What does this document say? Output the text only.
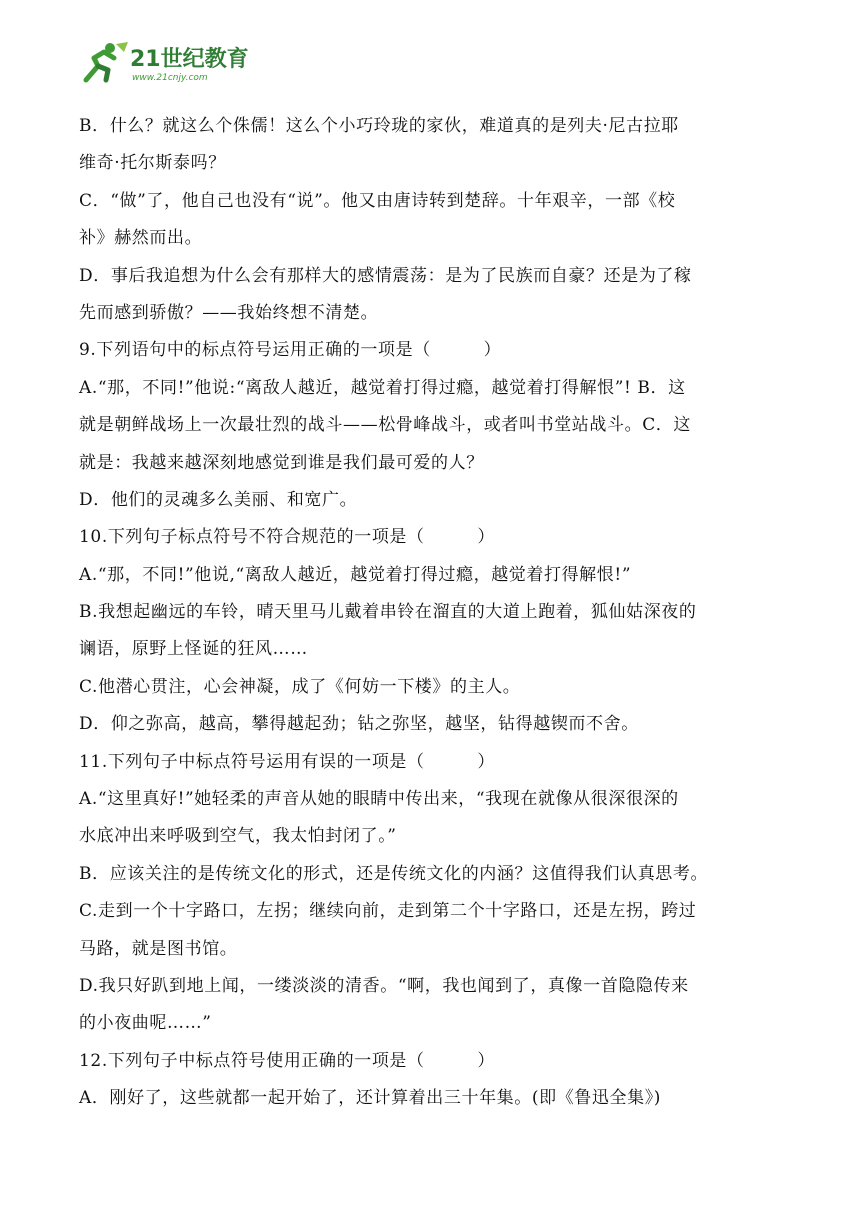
21世纪教育
www.21cnjy.com
B．什么？就这么个侏儒！这么个小巧玲珑的家伙，难道真的是列夫·尼古拉耶
维奇·托尔斯泰吗？
C．“做”了，他自己也没有“说”。他又由唐诗转到楚辞。十年艰辛，一部《校
补》赫然而出。
D．事后我追想为什么会有那样大的感情震荡：是为了民族而自豪？还是为了稼
先而感到骄傲？——我始终想不清楚。
9.下列语句中的标点符号运用正确的一项是（　　　）
A.“那，不同!”他说:“离敌人越近，越觉着打得过瘾，越觉着打得解恨”! B．这
就是朝鲜战场上一次最壮烈的战斗——松骨峰战斗，或者叫书堂站战斗。C．这
就是：我越来越深刻地感觉到谁是我们最可爱的人？
D．他们的灵魂多么美丽、和宽广。
10.下列句子标点符号不符合规范的一项是（　　　）
A.“那，不同!”他说,“离敌人越近，越觉着打得过瘾，越觉着打得解恨!”
B.我想起幽远的车铃，晴天里马儿戴着串铃在溜直的大道上跑着，狐仙姑深夜的
谰语，原野上怪诞的狂风……
C.他潜心贯注，心会神凝，成了《何妨一下楼》的主人。
D．仰之弥高，越高，攀得越起劲；钻之弥坚，越坚，钻得越锲而不舍。
11.下列句子中标点符号运用有误的一项是（　　　）
A.“这里真好!”她轻柔的声音从她的眼睛中传出来，“我现在就像从很深很深的
水底冲出来呼吸到空气，我太怕封闭了。”
B．应该关注的是传统文化的形式，还是传统文化的内涵？这值得我们认真思考。
C.走到一个十字路口，左拐；继续向前，走到第二个十字路口，还是左拐，跨过
马路，就是图书馆。
D.我只好趴到地上闻，一缕淡淡的清香。“啊，我也闻到了，真像一首隐隐传来
的小夜曲呢……”
12.下列句子中标点符号使用正确的一项是（　　　）
A．刚好了，这些就都一起开始了，还计算着出三十年集。(即《鲁迅全集》)
